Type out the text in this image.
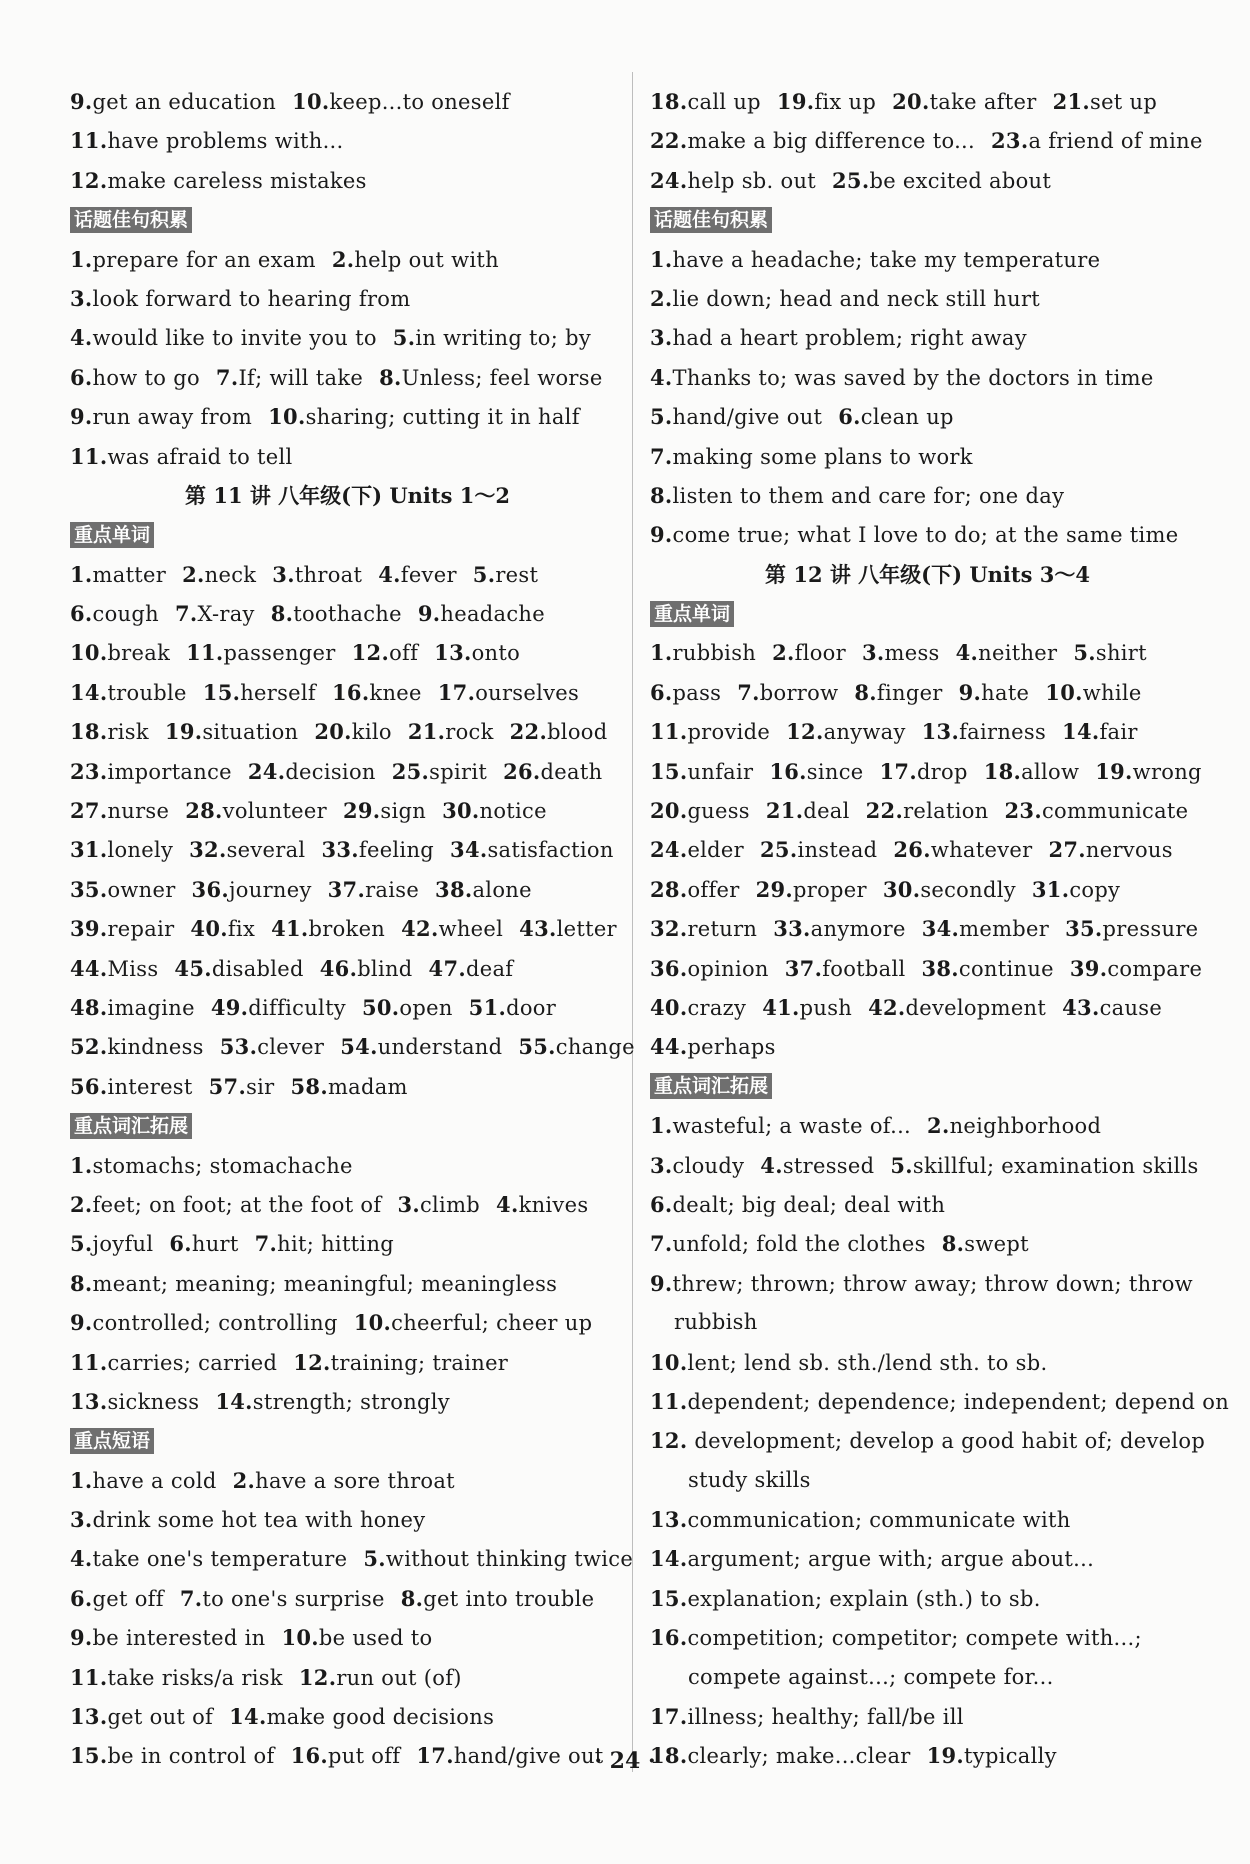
9.get an education 10.keep...to oneself
11.have problems with...
12.make careless mistakes
话题佳句积累
1.prepare for an exam 2.help out with
3.look forward to hearing from
4.would like to invite you to 5.in writing to; by
6.how to go 7.If; will take 8.Unless; feel worse
9.run away from 10.sharing; cutting it in half
11.was afraid to tell
第 11 讲 八年级(下) Units 1～2
重点单词
1.matter 2.neck 3.throat 4.fever 5.rest
6.cough 7.X-ray 8.toothache 9.headache
10.break 11.passenger 12.off 13.onto
14.trouble 15.herself 16.knee 17.ourselves
18.risk 19.situation 20.kilo 21.rock 22.blood
23.importance 24.decision 25.spirit 26.death
27.nurse 28.volunteer 29.sign 30.notice
31.lonely 32.several 33.feeling 34.satisfaction
35.owner 36.journey 37.raise 38.alone
39.repair 40.fix 41.broken 42.wheel 43.letter
44.Miss 45.disabled 46.blind 47.deaf
48.imagine 49.difficulty 50.open 51.door
52.kindness 53.clever 54.understand 55.change
56.interest 57.sir 58.madam
重点词汇拓展
1.stomachs; stomachache
2.feet; on foot; at the foot of 3.climb 4.knives
5.joyful 6.hurt 7.hit; hitting
8.meant; meaning; meaningful; meaningless
9.controlled; controlling 10.cheerful; cheer up
11.carries; carried 12.training; trainer
13.sickness 14.strength; strongly
重点短语
1.have a cold 2.have a sore throat
3.drink some hot tea with honey
4.take one's temperature 5.without thinking twice
6.get off 7.to one's surprise 8.get into trouble
9.be interested in 10.be used to
11.take risks/a risk 12.run out (of)
13.get out of 14.make good decisions
15.be in control of 16.put off 17.hand/give out
18.call up 19.fix up 20.take after 21.set up
22.make a big difference to... 23.a friend of mine
24.help sb. out 25.be excited about
话题佳句积累
1.have a headache; take my temperature
2.lie down; head and neck still hurt
3.had a heart problem; right away
4.Thanks to; was saved by the doctors in time
5.hand/give out 6.clean up
7.making some plans to work
8.listen to them and care for; one day
9.come true; what I love to do; at the same time
第 12 讲 八年级(下) Units 3～4
重点单词
1.rubbish 2.floor 3.mess 4.neither 5.shirt
6.pass 7.borrow 8.finger 9.hate 10.while
11.provide 12.anyway 13.fairness 14.fair
15.unfair 16.since 17.drop 18.allow 19.wrong
20.guess 21.deal 22.relation 23.communicate
24.elder 25.instead 26.whatever 27.nervous
28.offer 29.proper 30.secondly 31.copy
32.return 33.anymore 34.member 35.pressure
36.opinion 37.football 38.continue 39.compare
40.crazy 41.push 42.development 43.cause
44.perhaps
重点词汇拓展
1.wasteful; a waste of... 2.neighborhood
3.cloudy 4.stressed 5.skillful; examination skills
6.dealt; big deal; deal with
7.unfold; fold the clothes 8.swept
9.threw; thrown; throw away; throw down; throw
rubbish
10.lent; lend sb. sth./lend sth. to sb.
11.dependent; dependence; independent; depend on
12. development; develop a good habit of; develop
study skills
13.communication; communicate with
14.argument; argue with; argue about...
15.explanation; explain (sth.) to sb.
16.competition; competitor; compete with...;
compete against...; compete for...
17.illness; healthy; fall/be ill
18.clearly; make...clear 19.typically
· 24 ·
